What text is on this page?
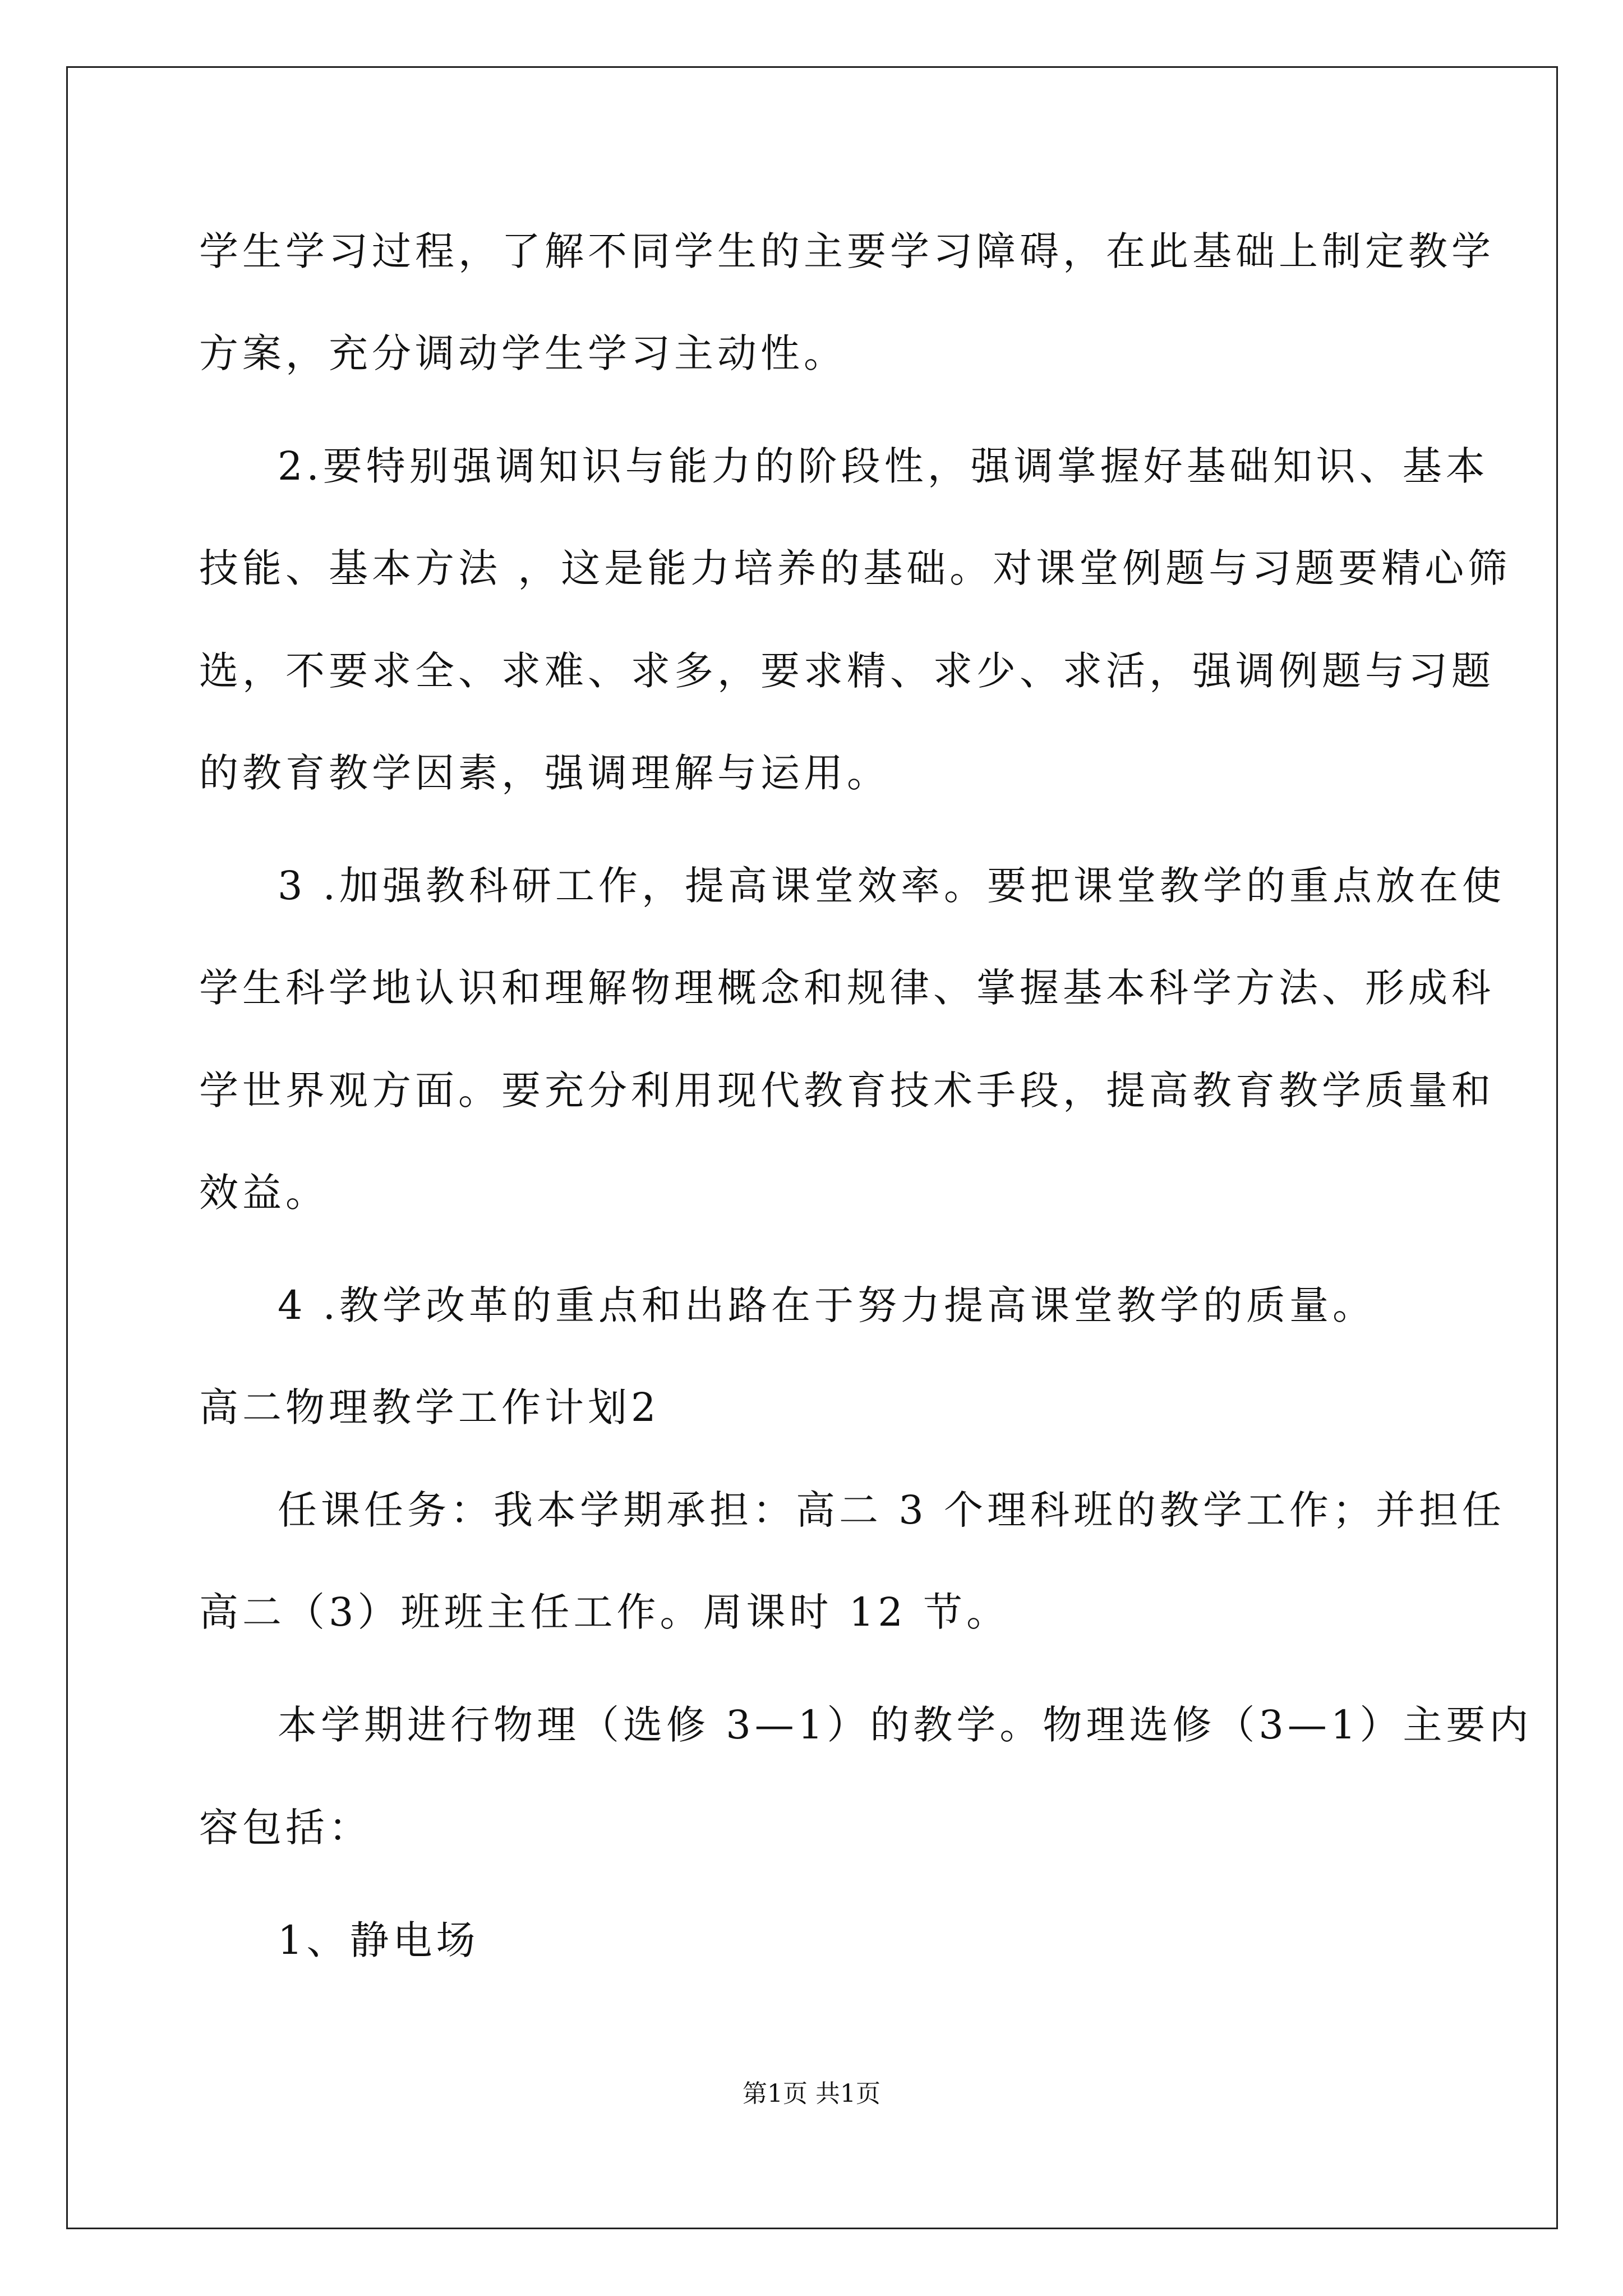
学生学习过程，了解不同学生的主要学习障碍，在此基础上制定教学
方案，充分调动学生学习主动性。
2.要特别强调知识与能力的阶段性，强调掌握好基础知识、基本
技能、基本方法 ，这是能力培养的基础。对课堂例题与习题要精心筛
选，不要求全、求难、求多，要求精、求少、求活，强调例题与习题
的教育教学因素，强调理解与运用。
3 .加强教科研工作，提高课堂效率。要把课堂教学的重点放在使
学生科学地认识和理解物理概念和规律、掌握基本科学方法、形成科
学世界观方面。要充分利用现代教育技术手段，提高教育教学质量和
效益。
4 .教学改革的重点和出路在于努力提高课堂教学的质量。
高二物理教学工作计划2
任课任务：我本学期承担：高二 3 个理科班的教学工作；并担任
高二（3）班班主任工作。周课时 12 节。
本学期进行物理（选修 3—1）的教学。物理选修（3—1）主要内
容包括：
1、静电场
第1页 共1页
